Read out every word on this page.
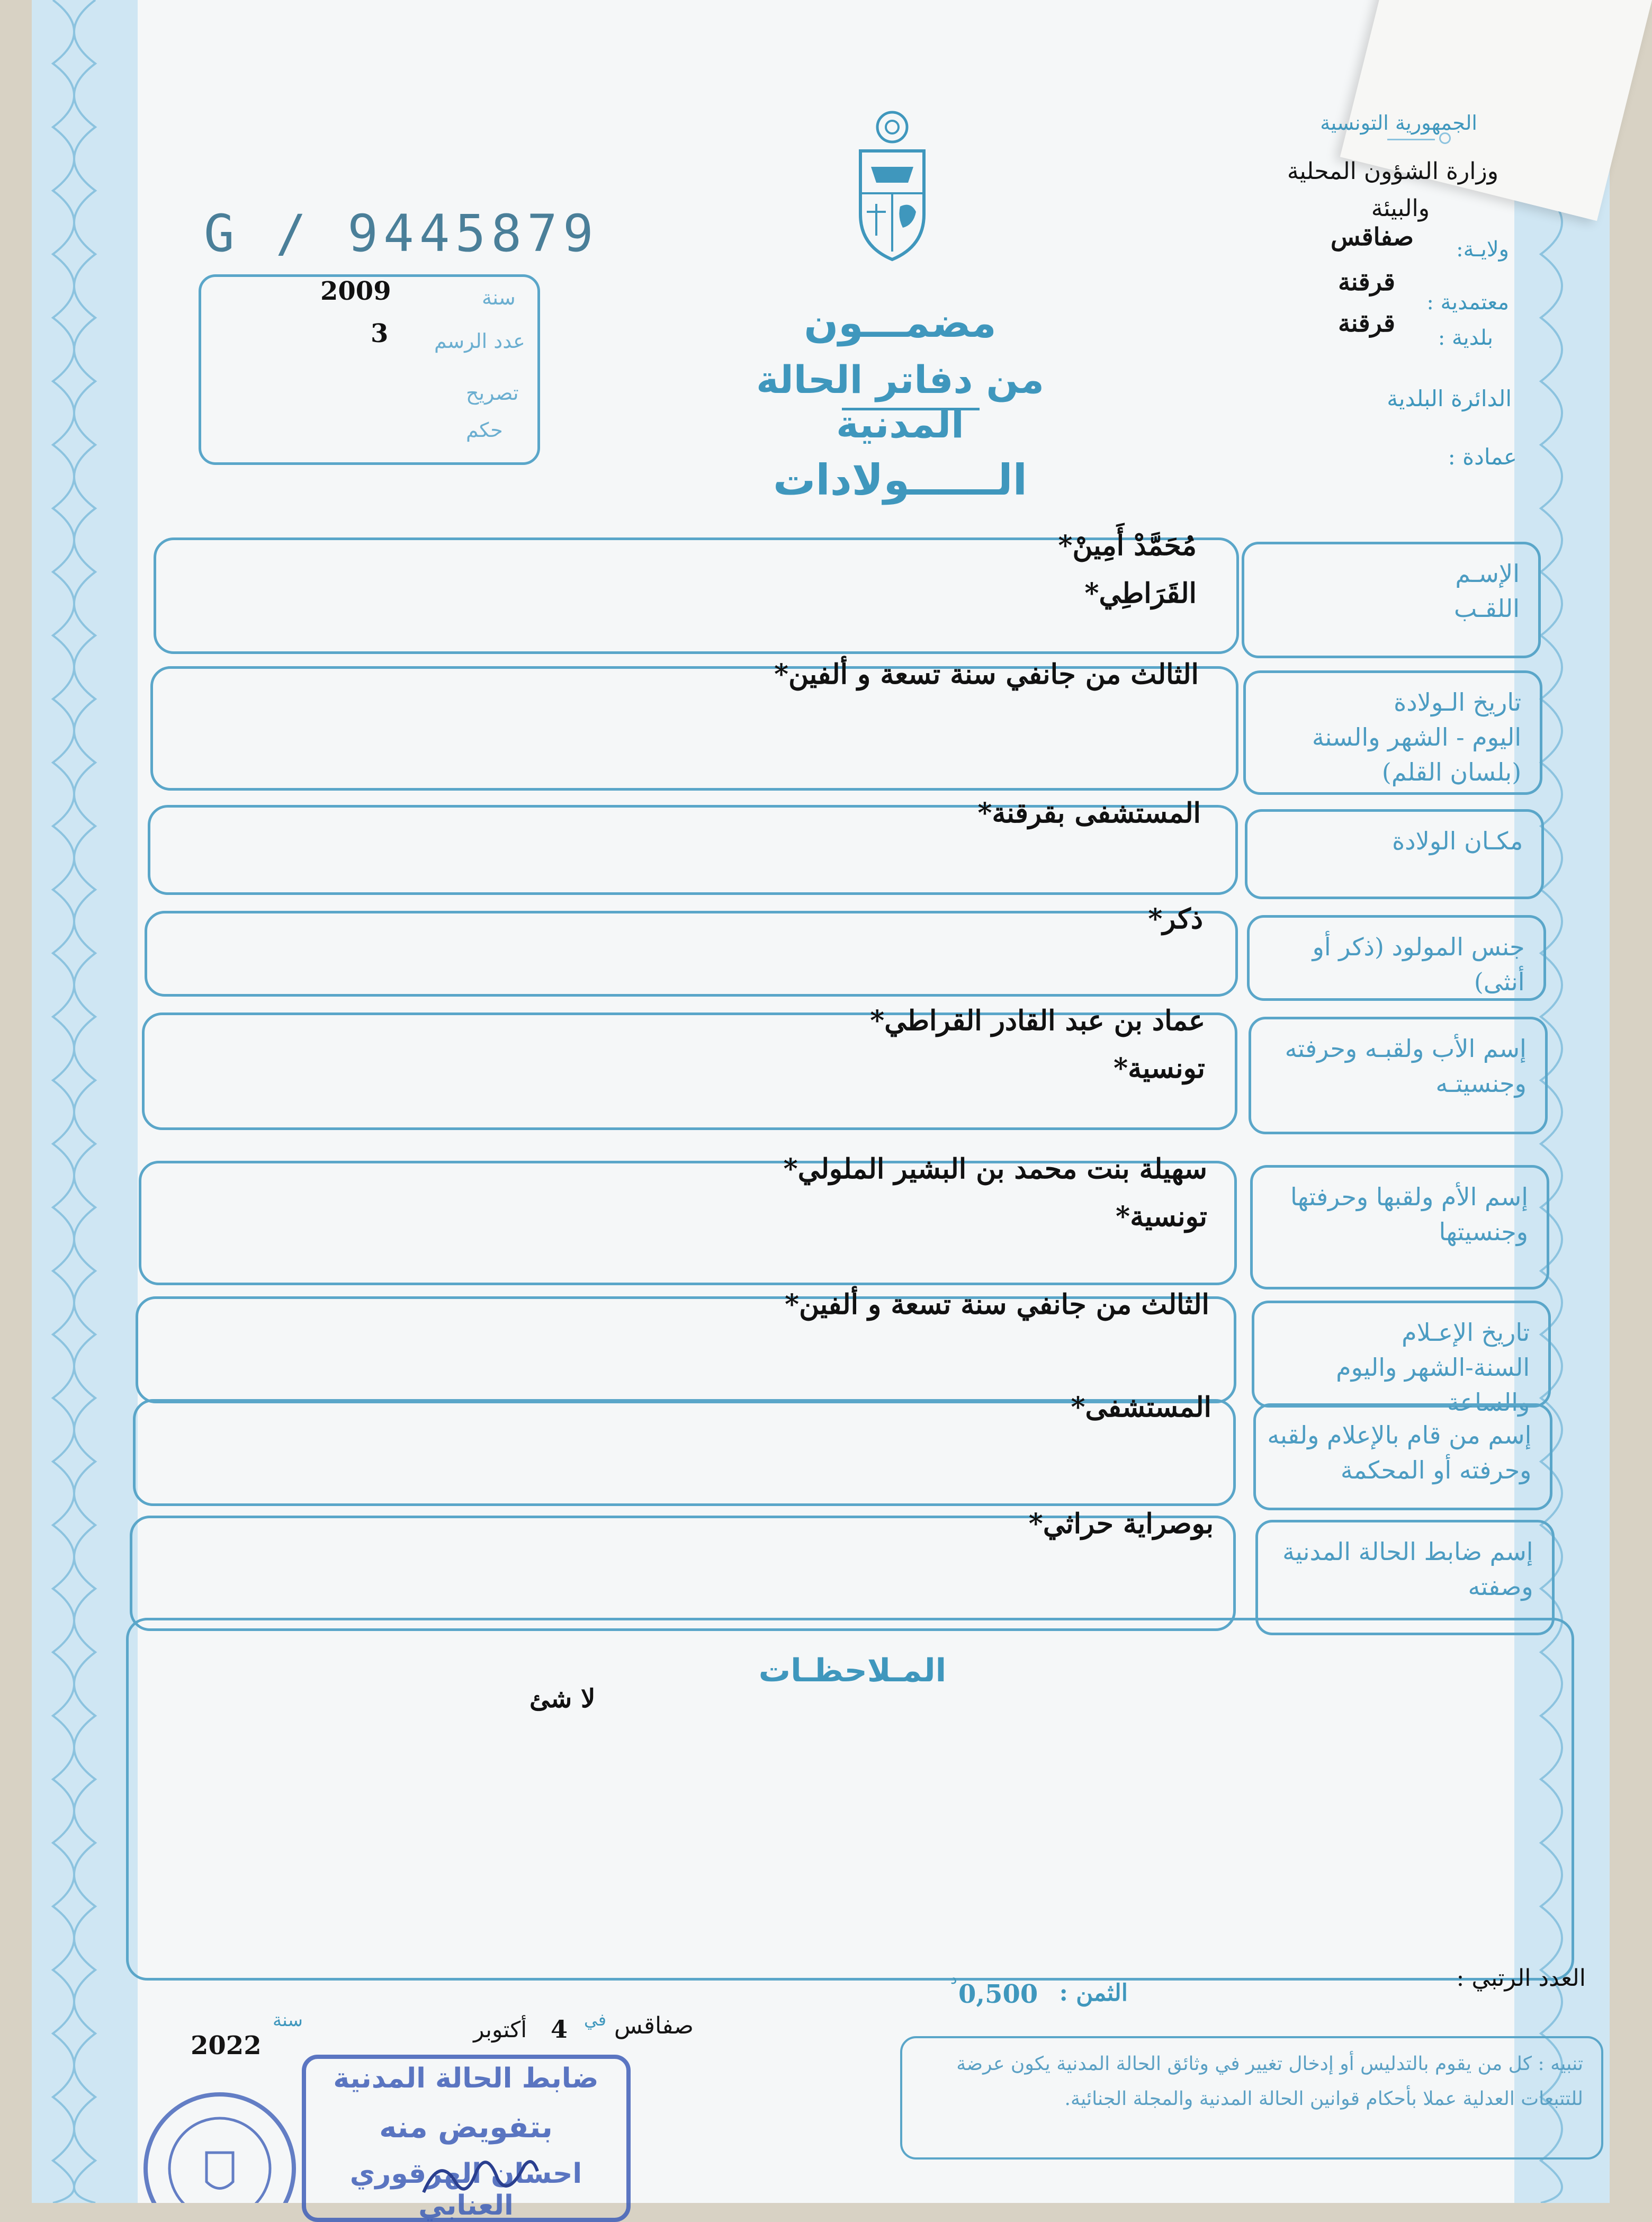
الجمهورية التونسية
وزارة الشؤون المحلية
والبيئة
ولايـة:
صفاقس
معتمدية :
قرقنة
بلدية :
قرقنة
الدائرة البلدية
عمادة :
G / 9445879
سنة
2009
عدد الرسم
3
تصريح
حكم
مضمـــون
من دفاتر الحالة المدنية
الــــــولادات
الإسـم
اللقـب
مُحَمَّدْ أَمِينْ*
القَرَاطِي*
تاريخ الـولادة
اليوم - الشهر والسنة
(بلسان القلم)
الثالث من جانفي سنة تسعة و ألفين*
مكـان الولادة
المستشفى بقرقنة*
جنس المولود (ذكر أو أنثى)
ذكر*
إسم الأب ولقبـه وحرفته
وجنسيتـه
عماد بن عبد القادر القراطي*
تونسية*
إسم الأم ولقبها وحرفتها
وجنسيتها
سهيلة بنت محمد بن البشير الملولي*
تونسية*
تاريخ الإعـلام
السنة-الشهر واليوم والساعة
الثالث من جانفي سنة تسعة و ألفين*
إسم من قام بالإعلام ولقبه
وحرفته أو المحكمة
المستشفى*
إسم ضابط الحالة المدنية
وصفته
بوصراية حراثي*
المـلاحظـات
لا شئ
العدد الرتبي :
الثمن :
0,500
د
صفاقس
في
4
أكتوبر
سنة
2022
تنبيه : كل من يقوم بالتدليس أو إدخال تغيير في وثائق الحالة المدنية يكون عرضة للتتبعات العدلية عملا بأحكام قوانين الحالة المدنية والمجلة الجنائية.
ضابط الحالة المدنية
بتفويض منه
احسان الهرقوري العنابي
